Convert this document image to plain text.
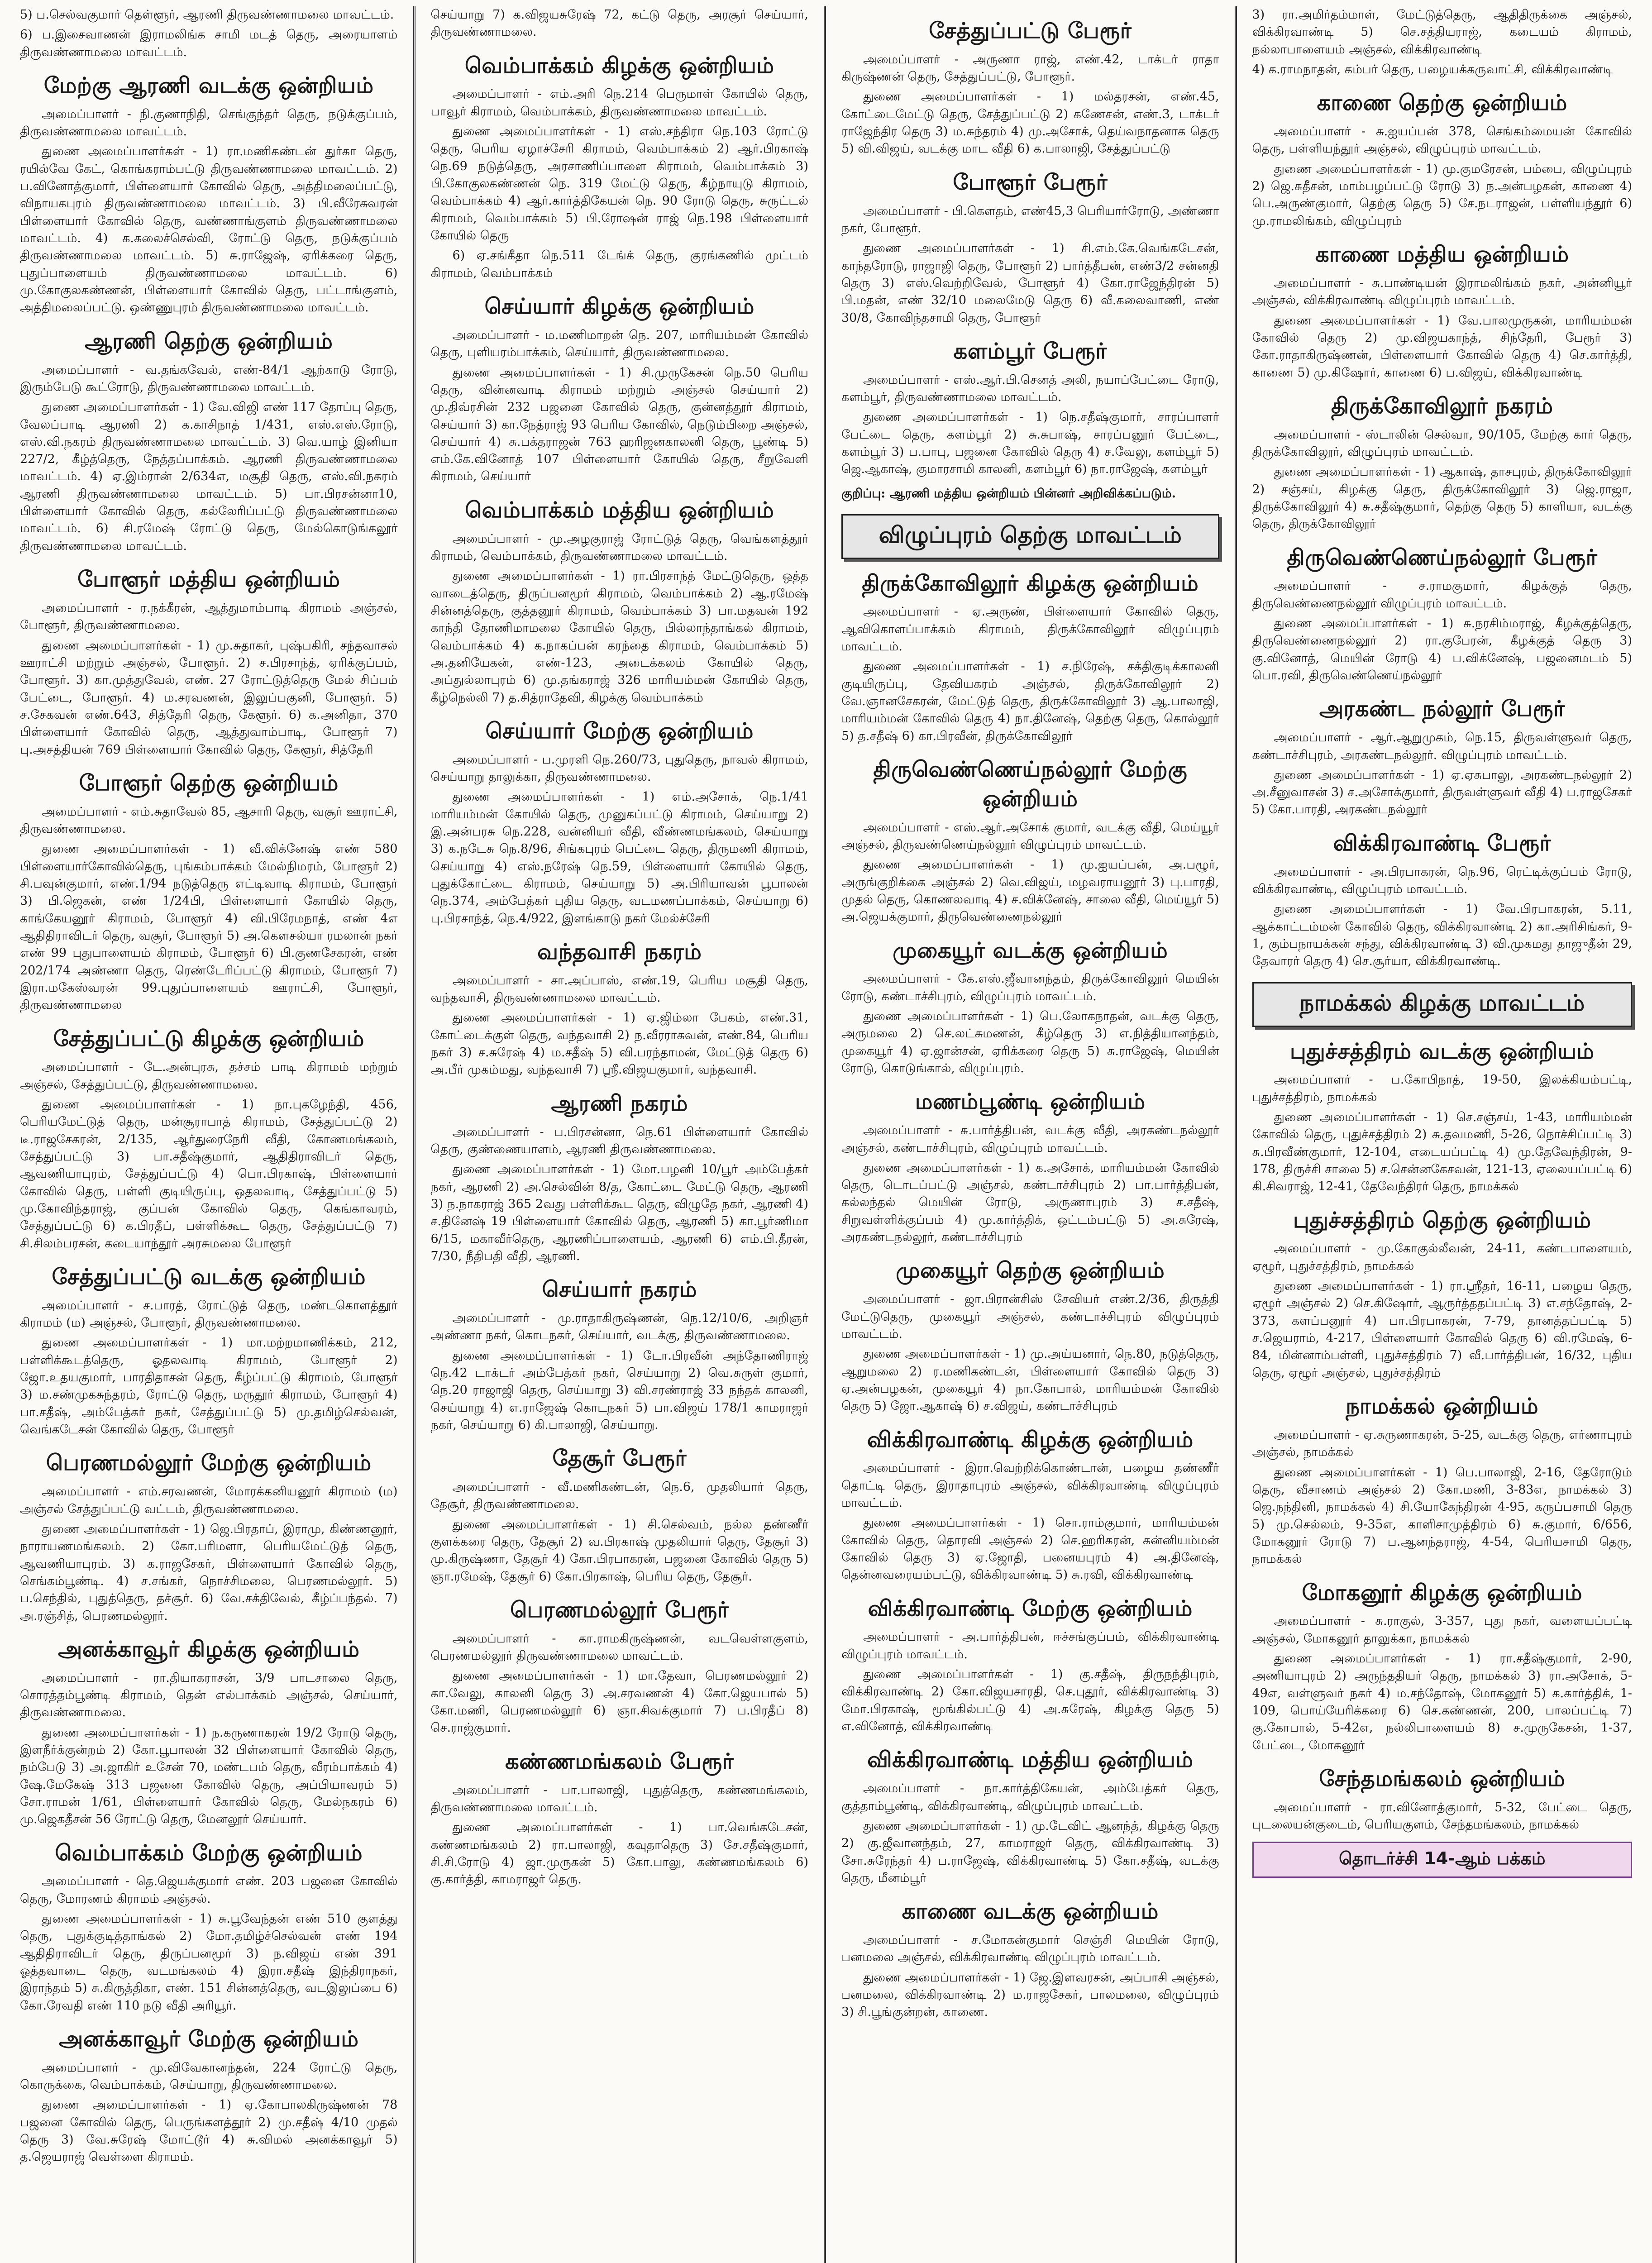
5) ப.செல்வகுமார் தெள்ளூர், ஆரணி திருவண்ணாமலை மாவட்டம்.

6) ப.இசைவாணன் இராமலிங்க சாமி மடத் தெரு, அரையாளம் திருவண்ணாமலை மாவட்டம்.

மேற்கு ஆரணி வடக்கு ஒன்றியம்

அமைப்பாளர் - நி.குணாநிதி, செங்குந்தர் தெரு, நடுக்குப்பம், திருவண்ணாமலை மாவட்டம்.

துணை அமைப்பாளர்கள் - 1) ரா.மணிகண்டன் துர்கா தெரு, ரயில்வே கேட், கொங்கராம்பட்டு திருவண்ணாமலை மாவட்டம். 2) ப.வினோத்குமார், பிள்ளையார் கோவில் தெரு, அத்திமலைப்பட்டு, விநாயகபுரம் திருவண்ணாமலை மாவட்டம். 3) பி.வீரேசுவரன் பிள்ளையார் கோவில் தெரு, வண்ணாங்குளம் திருவண்ணாமலை மாவட்டம். 4) க.கலைச்செல்வி, ரோட்டு தெரு, நடுக்குப்பம் திருவண்ணாமலை மாவட்டம். 5) சு.ராஜேஷ், ஏரிக்கரை தெரு, புதுப்பாளையம் திருவண்ணாமலை மாவட்டம். 6) மு.கோகுலகண்ணன், பிள்ளையார் கோவில் தெரு, பட்டாங்குளம், அத்திமலைப்பட்டு. ஒண்ணுபுரம் திருவண்ணாமலை மாவட்டம்.

ஆரணி தெற்கு ஒன்றியம்

அமைப்பாளர் - வ.தங்கவேல், எண்-84/1 ஆற்காடு ரோடு, இரும்பேடு கூட்ரோடு, திருவண்ணாமலை மாவட்டம்.

துணை அமைப்பாளர்கள் - 1) வே.விஜி எண் 117 தோப்பு தெரு, வேலப்பாடி ஆரணி 2) க.காசிநாத் 1/431, எஸ்.எஸ்.ரோடு, எஸ்.வி.நகரம் திருவண்ணாமலை மாவட்டம். 3) வெ.யாழ் இனியா 227/2, கீழ்த்தெரு, நேத்தப்பாக்கம். ஆரணி திருவண்ணாமலை மாவட்டம். 4) ஏ.இம்ரான் 2/634எ, மசூதி தெரு, எஸ்.வி.நகரம் ஆரணி திருவண்ணாமலை மாவட்டம். 5) பா.பிரசன்னா10, பிள்ளையார் கோவில் தெரு, கல்லேரிப்பட்டு திருவண்ணாமலை மாவட்டம். 6) சி.ரமேஷ் ரோட்டு தெரு, மேல்கொடுங்கலூர் திருவண்ணாமலை மாவட்டம்.

போளூர் மத்திய ஒன்றியம்

அமைப்பாளர் - ர.நக்கீரன், ஆத்துமாம்பாடி கிராமம் அஞ்சல், போளூர், திருவண்ணாமலை.

துணை அமைப்பாளர்கள் - 1) மு.சுதாகர், புஷ்பகிரி, சந்தவாசல் ஊராட்சி மற்றும் அஞ்சல், போளூர். 2) ச.பிரசாந்த், ஏரிக்குப்பம், போளூர். 3) கா.முத்துவேல், எண். 27 ரோட்டுத்தெரு மேல் சிப்பம் பேட்டை, போளூர். 4) ம.சரவணன், இலுப்பகுனி, போளூர். 5) ச.சேகவன் எண்.643, சித்தேரி தெரு, கேளூர். 6) க.அனிதா, 370 பிள்ளையார் கோவில் தெரு, ஆத்துவாம்பாடி, போளூர் 7) பு.அசத்தியன் 769 பிள்ளையார் கோவில் தெரு, கேளூர், சித்தேரி

போளூர் தெற்கு ஒன்றியம்

அமைப்பாளர் - எம்.சுதாவேல் 85, ஆசாரி தெரு, வசூர் ஊராட்சி, திருவண்ணாமலை.

துணை அமைப்பாளர்கள் - 1) வீ.விக்னேஷ் எண் 580 பிள்ளையார்கோவில்தெரு, புங்கம்பாக்கம் மேல்நிமரம், போளூர் 2) சி.பவுன்குமார், எண்.1/94 நடுத்தெரு எட்டிவாடி கிராமம், போளூர் 3) பி.ஜெகன், எண் 1/24பி, பிள்ளையார் கோயில் தெரு, காங்கேயனூர் கிராமம், போளூர் 4) வி.பிரேமநாத், எண் 4எ ஆதிதிராவிடர் தெரு, வசூர், போளூர் 5) அ.கௌசல்யா ரமலான் நகர் எண் 99 புதுபாளையம் கிராமம், போளூர் 6) பி.குணசேகரன், எண் 202/174 அண்ணா தெரு, ரெண்டேரிப்பட்டு கிராமம், போளூர் 7) இரா.மகேஸ்வரன் 99.புதுப்பாளையம் ஊராட்சி, போளூர், திருவண்ணாமலை

சேத்துப்பட்டு கிழக்கு ஒன்றியம்

அமைப்பாளர் - டே.அன்புரசு, தச்சம் பாடி கிராமம் மற்றும் அஞ்சல், சேத்துப்பட்டு, திருவண்ணாமலை.

துணை அமைப்பாளர்கள் - 1) நா.புகழேந்தி, 456, பெரியமேட்டுத் தெரு, மன்சூராபாத் கிராமம், சேத்துப்பட்டு 2) டீ.ராஜசேகரன், 2/135, ஆர்துரைநேரி வீதி, கோணமங்கலம், சேத்துப்பட்டு 3) பா.சதீஷ்குமார், ஆதிதிராவிடர் தெரு, ஆவணியாபுரம், சேத்துப்பட்டு 4) பொ.பிரகாஷ், பிள்ளையார் கோவில் தெரு, பள்ளி குடியிருப்பு, ஒதலவாடி, சேத்துப்பட்டு 5) மு.கோவிந்தராஜ், குப்பன் கோவில் தெரு, கெங்காவரம், சேத்துப்பட்டு 6) க.பிரதீப், பள்ளிக்கூட தெரு, சேத்துப்பட்டு 7) சி.சிலம்பரசன், கடையாந்தூர் அரசுமலை போளூர்

சேத்துப்பட்டு வடக்கு ஒன்றியம்

அமைப்பாளர் - ச.பாரத், ரோட்டுத் தெரு, மண்டகொளத்தூர் கிராமம் (ம) அஞ்சல், போளூர், திருவண்ணாமலை.

துணை அமைப்பாளர்கள் - 1) மா.மற்றமாணிக்கம், 212, பள்ளிக்கூடத்தெரு, ஓதலவாடி கிராமம், போளூர் 2) ஜோ.உதயகுமார், பாரதிதாசன் தெரு, கீழ்ப்பட்டு கிராமம், போளூர் 3) ம.சண்முகசுந்தரம், ரோட்டு தெரு, மருதூர் கிராமம், போளூர் 4) பா.சதீஷ், அம்பேத்கர் நகர், சேத்துப்பட்டு 5) மு.தமிழ்செல்வன், வெங்கடேசன் கோவில் தெரு, போளூர்

பெரணமல்லூர் மேற்கு ஒன்றியம்

அமைப்பாளர் - எம்.சரவணன், மோரக்கனியனூர் கிராமம் (ம) அஞ்சல் சேத்துப்பட்டு வட்டம், திருவண்ணாமலை.

துணை அமைப்பாளர்கள் - 1) ஜெ.பிரதாப், இராமு, கிண்ணனூர், நாராயணமங்கலம். 2) கோ.பரிமளா, பெரியமேட்டுத் தெரு, ஆவணியாபுரம். 3) க.ராஜசேகர், பிள்ளையார் கோவில் தெரு, செங்கம்பூண்டி. 4) ச.சங்கர், நொச்சிமலை, பெரணமல்லூர். 5) ப.செந்தில், புதுத்தெரு, தச்சூர். 6) வே.சக்திவேல், கீழ்ப்பந்தல். 7) அ.ரஞ்சித், பெரணமல்லூர்.

அனக்காவூர் கிழக்கு ஒன்றியம்

அமைப்பாளர் - ரா.தியாகராசன், 3/9 பாடசாலை தெரு, சொரத்தம்பூண்டி கிராமம், தென் எல்பாக்கம் அஞ்சல், செய்யார், திருவண்ணாமலை.

துணை அமைப்பாளர்கள் - 1) ந.கருணாகரன் 19/2 ரோடு தெரு, இளநீர்க்குன்றம் 2) கோ.பூபாலன் 32 பிள்ளையார் கோவில் தெரு, நம்பேடு 3) அ.ஜாகிர் உசேன் 70, மண்டபம் தெரு, வீரம்பாக்கம் 4) ஷே.மேகேஷ் 313 பஜனை கோவில் தெரு, அப்பியாவரம் 5) சோ.ராமன் 1/61, பிள்ளையார் கோவில் தெரு, மேல்நகரம் 6) மு.ஜெகதீசன் 56 ரோட்டு தெரு, மேனலூர் செய்யார்.

வெம்பாக்கம் மேற்கு ஒன்றியம்

அமைப்பாளர் - தெ.ஜெயக்குமார் எண். 203 பஜனை கோவில் தெரு, மோரணம் கிராமம் அஞ்சல்.

துணை அமைப்பாளர்கள் - 1) சு.பூவேந்தன் எண் 510 குளத்து தெரு, புதுக்குடித்தாங்கல் 2) மோ.தமிழ்ச்செல்வன் எண் 194 ஆதிதிராவிடர் தெரு, திருப்பனமூர் 3) ந.விஜய் எண் 391 ஓத்தவாடை தெரு, வடமங்கலம் 4) இரா.சதீஷ் இந்திராநகர், இராந்தம் 5) சு.கிருத்திகா, எண். 151 சின்னத்தெரு, வடஇலுப்பை 6) கோ.ரேவதி எண் 110 நடு வீதி அரியூர்.

அனக்காவூர் மேற்கு ஒன்றியம்

அமைப்பாளர் - மு.விவேகானந்தன், 224 ரோட்டு தெரு, கொருக்கை, வெம்பாக்கம், செய்யாறு, திருவண்ணாமலை.

துணை அமைப்பாளர்கள் - 1) ஏ.கோபாலகிருஷ்ணன் 78 பஜனை கோவில் தெரு, பெருங்களத்தூர் 2) மு.சதீஷ் 4/10 முதல் தெரு 3) வே.சுரேஷ் மோட்டூர் 4) சு.விமல் அனக்காவூர் 5) த.ஜெயராஜ் வெள்ளை கிராமம்.

செய்யாறு 7) க.விஜயசுரேஷ் 72, கட்டு தெரு, அரசூர் செய்யார், திருவண்ணாமலை.

வெம்பாக்கம் கிழக்கு ஒன்றியம்

அமைப்பாளர் - எம்.அரி நெ.214 பெருமாள் கோயில் தெரு, பாவூர் கிராமம், வெம்பாக்கம், திருவண்ணாமலை மாவட்டம்.

துணை அமைப்பாளர்கள் - 1) எஸ்.சந்திரா நெ.103 ரோட்டு தெரு, பெரிய ஏழாச்சேரி கிராமம், வெம்பாக்கம் 2) ஆர்.பிரகாஷ் நெ.69 நடுத்தெரு, அரசாணிப்பாளை கிராமம், வெம்பாக்கம் 3) பி.கோகுலகண்ணன் நெ. 319 மேட்டு தெரு, கீழ்நாயுடு கிராமம், வெம்பாக்கம் 4) ஆர்.கார்த்திகேயன் நெ. 90 ரோடு தெரு, சுருட்டல் கிராமம், வெம்பாக்கம் 5) பி.ரோஷன் ராஜ் நெ.198 பிள்ளையார் கோயில் தெரு

6) ஏ.சங்கீதா நெ.511 டேங்க் தெரு, குரங்கணில் முட்டம் கிராமம், வெம்பாக்கம்

செய்யார் கிழக்கு ஒன்றியம்

அமைப்பாளர் - ம.மணிமாறன் நெ. 207, மாரியம்மன் கோவில் தெரு, புளியரம்பாக்கம், செய்யார், திருவண்ணாமலை.

துணை அமைப்பாளர்கள் - 1) சி.முருகேசன் நெ.50 பெரிய தெரு, வின்னவாடி கிராமம் மற்றும் அஞ்சல் செய்யார் 2) மு.திவ்ரசின் 232 பஜனை கோவில் தெரு, குன்னத்தூர் கிராமம், செய்யார் 3) கா.நேத்ராஜ் 93 பெரிய கோவில், நெடும்பிறை அஞ்சல், செய்யார் 4) சு.பக்தராஜன் 763 ஹரிஜனகாலனி தெரு, பூண்டி 5) எம்.கே.வினோத் 107 பிள்ளையார் கோயில் தெரு, சீறுவேளி கிராமம், செய்யார்

வெம்பாக்கம் மத்திய ஒன்றியம்

அமைப்பாளர் - மு.அழகுராஜ் ரோட்டுத் தெரு, வெங்களத்தூர் கிராமம், வெம்பாக்கம், திருவண்ணாமலை மாவட்டம்.

துணை அமைப்பாளர்கள் - 1) ரா.பிரசாந்த் மேட்டுதெரு, ஒத்த வாடைத்தெரு, திருப்பனமூர் கிராமம், வெம்பாக்கம் 2) ஆ.ரமேஷ் சின்னத்தெரு, குத்தனூர் கிராமம், வெம்பாக்கம் 3) பா.மதவன் 192 காந்தி தோணிமாமலை கோயில் தெரு, பில்லாந்தாங்கல் கிராமம், வெம்பாக்கம் 4) க.நாகப்பன் கரந்தை கிராமம், வெம்பாக்கம் 5) அ.தனியேகன், எண்-123, அடைக்கலம் கோயில் தெரு, அப்துல்லாபுரம் 6) மு.தங்கராஜ் 326 மாரியம்மன் கோயில் தெரு, கீழ்நெல்லி 7) த.சித்ராதேவி, கிழக்கு வெம்பாக்கம்

செய்யார் மேற்கு ஒன்றியம்

அமைப்பாளர் - ப.முரளி நெ.260/73, புதுதெரு, நாவல் கிராமம், செய்யாறு தாலுக்கா, திருவண்ணாமலை.

துணை அமைப்பாளர்கள் - 1) எம்.அசோக், நெ.1/41 மாரியம்மன் கோயில் தெரு, முனுகப்பட்டு கிராமம், செய்யாறு 2) இ.அன்பரசு நெ.228, வன்னியர் வீதி, வீண்ணமங்கலம், செய்யாறு 3) க.நடேசு நெ.8/96, சிங்கபுரம் பெட்டை தெரு, திருமணி கிராமம், செய்யாறு 4) எஸ்.நரேஷ் நெ.59, பிள்ளையார் கோயில் தெரு, புதுக்கோட்டை கிராமம், செய்யாறு 5) அ.பிரியாவன் பூபாலன் நெ.374, அம்பேத்கர் புதிய தெரு, வடமணப்பாக்கம், செய்யாறு 6) பு.பிரசாந்த், நெ.4/922, இளங்காடு நகர் மேல்ச்சேரி

வந்தவாசி நகரம்

அமைப்பாளர் - சா.அப்பாஸ், எண்.19, பெரிய மசூதி தெரு, வந்தவாசி, திருவண்ணாமலை மாவட்டம்.

துணை அமைப்பாளர்கள் - 1) ஏ.ஜிம்லா பேகம், எண்.31, கோட்டைக்குள் தெரு, வந்தவாசி 2) ந.வீரராகவன், எண்.84, பெரிய நகர் 3) ச.சுரேஷ் 4) ம.சதீஷ் 5) வி.பரந்தாமன், மேட்டுத் தெரு 6) அ.பீர் முகம்மது, வந்தவாசி 7) ஸ்ரீ.விஜயகுமார், வந்தவாசி.

ஆரணி நகரம்

அமைப்பாளர் - ப.பிரசன்னா, நெ.61 பிள்ளையார் கோவில் தெரு, குண்ணையாளம், ஆரணி திருவண்ணாமலை.

துணை அமைப்பாளர்கள் - 1) மோ.பழனி 10/பூர் அம்பேத்கர் நகர், ஆரணி 2) அ.செல்வின் 8/த, கோட்டை மேட்டு தெரு, ஆரணி 3) ந.நாகராஜ் 365 2வது பள்ளிக்கூட தெரு, விழுதே நகர், ஆரணி 4) ச.தினேஷ் 19 பிள்ளையார் கோவில் தெரு, ஆரணி 5) கா.பூர்ணிமா 6/15, மகாவீர்தெரு, ஆரணிப்பாளையம், ஆரணி 6) எம்.பி.தீரன், 7/30, நீதிபதி வீதி, ஆரணி.

செய்யார் நகரம்

அமைப்பாளர் - மு.ராதாகிருஷ்ணன், நெ.12/10/6, அறிஞர் அண்ணா நகர், கொடநகர், செய்யார், வடக்கு, திருவண்ணாமலை.

துணை அமைப்பாளர்கள் - 1) டோ.பிரவீன் அந்தோணிராஜ் நெ.42 டாக்டர் அம்பேத்கர் நகர், செய்யாறு 2) வெ.சுருள் குமார், நெ.20 ராஜாஜி தெரு, செய்யாறு 3) வி.சரண்ராஜ் 33 நந்தக் காலனி, செய்யாறு 4) எ.ராஜேஷ் கொடநகர் 5) பா.விஜய் 178/1 காமராஜர் நகர், செய்யாறு 6) கி.பாலாஜி, செய்யாறு.

தேசூர் பேரூர்

அமைப்பாளர் - வீ.மணிகண்டன், நெ.6, முதலியார் தெரு, தேசூர், திருவண்ணாமலை.

துணை அமைப்பாளர்கள் - 1) சி.செல்வம், நல்ல தண்ணீர் குளக்கரை தெரு, தேசூர் 2) வ.பிரகாஷ் முதலியார் தெரு, தேசூர் 3) மு.கிருஷ்ணா, தேசூர் 4) கோ.பிரபாகரன், பஜனை கோவில் தெரு 5) ஞா.ரமேஷ், தேசூர் 6) கோ.பிரகாஷ், பெரிய தெரு, தேசூர்.

பெரணமல்லூர் பேரூர்

அமைப்பாளர் - கா.ராமகிருஷ்ணன், வடவெள்ளகுளம், பெரணமல்லூர் திருவண்ணாமலை மாவட்டம்.

துணை அமைப்பாளர்கள் - 1) மா.தேவா, பெரணமல்லூர் 2) கா.வேலு, காலனி தெரு 3) அ.சரவணன் 4) கோ.ஜெயபால் 5) கோ.மணி, பெரணமல்லூர் 6) ஞா.சிவக்குமார் 7) ப.பிரதீப் 8) செ.ராஜ்குமார்.

கண்ணமங்கலம் பேரூர்

அமைப்பாளர் - பா.பாலாஜி, புதுத்தெரு, கண்ணமங்கலம், திருவண்ணாமலை மாவட்டம்.

துணை அமைப்பாளர்கள் - 1) பா.வெங்கடேசன், கண்ணமங்கலம் 2) ரா.பாலாஜி, கவுதாதெரு 3) சே.சதீஷ்குமார், சி.சி.ரோடு 4) ஜா.முருகன் 5) கோ.பாலு, கண்ணமங்கலம் 6) கு.கார்த்தி, காமராஜர் தெரு.

சேத்துப்பட்டு பேரூர்

அமைப்பாளர் - அருணா ராஜ், எண்.42, டாக்டர் ராதா கிருஷ்ணன் தெரு, சேத்துப்பட்டு, போளூர்.

துணை அமைப்பாளர்கள் - 1) மல்தரசன், எண்.45, கோட்டைமேட்டு தெரு, சேத்துப்பட்டு 2) கணேசன், எண்.3, டாக்டர் ராஜேந்திர தெரு 3) ம.சுந்தரம் 4) மு.அசோக், தெய்வநாதனாக தெரு 5) வி.விஜய், வடக்கு மாட வீதி 6) க.பாலாஜி, சேத்துப்பட்டு

போளூர் பேரூர்

அமைப்பாளர் - பி.கௌதம், எண்45,3 பெரியார்ரோடு, அண்ணா நகர், போளூர்.

துணை அமைப்பாளர்கள் - 1) சி.எம்.கே.வெங்கடேசன், காந்தரோடு, ராஜாஜி தெரு, போளூர் 2) பார்த்தீபன், எண்3/2 சன்னதி தெரு 3) எஸ்.வெற்றிவேல், போளூர் 4) கோ.ராஜேந்திரன் 5) பி.மதன், எண் 32/10 மலைமேடு தெரு 6) வீ.கலைவாணி, எண் 30/8, கோவிந்தசாமி தெரு, போளூர்

களம்பூர் பேரூர்

அமைப்பாளர் - எஸ்.ஆர்.பி.செனத் அலி, நயாப்பேட்டை ரோடு, களம்பூர், திருவண்ணாமலை மாவட்டம்.

துணை அமைப்பாளர்கள் - 1) நெ.சதீஷ்குமார், சாரப்பாளர் பேட்டை தெரு, களம்பூர் 2) சு.சுபாஷ், சாரப்பனூர் பேட்டை, களம்பூர் 3) ப.பாபு, பஜனை கோவில் தெரு 4) ச.வேலு, களம்பூர் 5) ஜெ.ஆகாஷ், குமாரசாமி காலனி, களம்பூர் 6) நா.ராஜேஷ், களம்பூர்

குறிப்பு: ஆரணி மத்திய ஒன்றியம் பின்னர் அறிவிக்கப்படும்.
விழுப்புரம் தெற்கு மாவட்டம்
திருக்கோவிலூர் கிழக்கு ஒன்றியம்

அமைப்பாளர் - ஏ.அருண், பிள்ளையார் கோவில் தெரு, ஆவிகொளப்பாக்கம் கிராமம், திருக்கோவிலூர் விழுப்புரம் மாவட்டம்.

துணை அமைப்பாளர்கள் - 1) ச.நிரேஷ், சக்திகுடிக்காலனி குடியிருப்பு, தேவியகரம் அஞ்சல், திருக்கோவிலூர் 2) வே.ஞானசேகரன், மேட்டுத் தெரு, திருக்கோவிலூர் 3) ஆ.பாலாஜி, மாரியம்மன் கோவில் தெரு 4) நா.தினேஷ், தெற்கு தெரு, கொல்லூர் 5) த.சதீஷ் 6) கா.பிரவீன், திருக்கோவிலூர்

திருவெண்ணெய்நல்லூர் மேற்கு ஒன்றியம்

அமைப்பாளர் - எஸ்.ஆர்.அசோக் குமார், வடக்கு வீதி, மெய்யூர் அஞ்சல், திருவண்ணெய்நல்லூர் விழுப்புரம் மாவட்டம்.

துணை அமைப்பாளர்கள் - 1) மு.ஐயப்பன், அ.பழூர், அருங்குறிக்கை அஞ்சல் 2) வெ.விஜய், மழவராயனூர் 3) பு.பாரதி, முதல் தெரு, கொணலவாடி 4) ச.விக்னேஷ், சாலை வீதி, மெய்யூர் 5) அ.ஜெயக்குமார், திருவெண்ணைநல்லூர்

முகையூர் வடக்கு ஒன்றியம்

அமைப்பாளர் - கே.எஸ்.ஜீவானந்தம், திருக்கோவிலூர் மெயின் ரோடு, கண்டாச்சிபுரம், விழுப்புரம் மாவட்டம்.

துணை அமைப்பாளர்கள் - 1) பெ.லோகநாதன், வடக்கு தெரு, அருமலை 2) செ.லட்சுமணன், கீழ்தெரு 3) எ.நித்தியானந்தம், முகையூர் 4) ஏ.ஜான்சன், ஏரிக்கரை தெரு 5) சு.ராஜேஷ், மெயின் ரோடு, கொடுங்கால், விழுப்புரம்.

மணம்பூண்டி ஒன்றியம்

அமைப்பாளர் - சு.பார்த்திபன், வடக்கு வீதி, அரகண்டநல்லூர் அஞ்சல், கண்டாச்சிபுரம், விழுப்புரம் மாவட்டம்.

துணை அமைப்பாளர்கள் - 1) க.அசோக், மாரியம்மன் கோவில் தெரு, டொடப்பட்டு அஞ்சல், கண்டாச்சிபுரம் 2) பா.பார்த்திபன், கல்லந்தல் மெயின் ரோடு, அருணாபுரம் 3) ச.சதீஷ், சிறுவள்ளிக்குப்பம் 4) மு.கார்த்திக், ஒட்டம்பட்டு 5) அ.சுரேஷ், அரகண்டநல்லூர், கண்டாச்சிபுரம்

முகையூர் தெற்கு ஒன்றியம்

அமைப்பாளர் - ஜா.பிரான்சிஸ் சேவியர் எண்.2/36, திருத்தி மேட்டுதெரு, முகையூர் அஞ்சல், கண்டாச்சிபுரம் விழுப்புரம் மாவட்டம்.

துணை அமைப்பாளர்கள் - 1) மு.அய்யனார், நெ.80, நடுத்தெரு, ஆறுமலை 2) ர.மணிகண்டன், பிள்ளையார் கோவில் தெரு 3) ஏ.அன்பழகன், முகையூர் 4) நா.கோபால், மாரியம்மன் கோவில் தெரு 5) ஜோ.ஆகாஷ் 6) ச.விஜய், கண்டாச்சிபுரம்

விக்கிரவாண்டி கிழக்கு ஒன்றியம்

அமைப்பாளர் - இரா.வெற்றிக்கொண்டான், பழைய தண்ணீர் தொட்டி தெரு, இராதாபுரம் அஞ்சல், விக்கிரவாண்டி விழுப்புரம் மாவட்டம்.

துணை அமைப்பாளர்கள் - 1) சொ.ராம்குமார், மாரியம்மன் கோவில் தெரு, தொரவி அஞ்சல் 2) செ.ஹரிகரன், கன்னியம்மன் கோவில் தெரு 3) ஏ.ஜோதி, பனையபுரம் 4) அ.தினேஷ், தென்னவரையம்பட்டு, விக்கிரவாண்டி 5) சு.ரவி, விக்கிரவாண்டி

விக்கிரவாண்டி மேற்கு ஒன்றியம்

அமைப்பாளர் - அ.பார்த்திபன், ஈச்சங்குப்பம், விக்கிரவாண்டி விழுப்புரம் மாவட்டம்.

துணை அமைப்பாளர்கள் - 1) கு.சதீஷ், திருநந்திபுரம், விக்கிரவாண்டி 2) கோ.விஜயசாரதி, செ.புதூர், விக்கிரவாண்டி 3) மோ.பிரகாஷ், மூங்கில்பட்டு 4) அ.சுரேஷ், கிழக்கு தெரு 5) எ.வினோத், விக்கிரவாண்டி

விக்கிரவாண்டி மத்திய ஒன்றியம்

அமைப்பாளர் - நா.கார்த்திகேயன், அம்பேத்கர் தெரு, குத்தாம்பூண்டி, விக்கிரவாண்டி, விழுப்புரம் மாவட்டம்.

துணை அமைப்பாளர்கள் - 1) மு.டேவிட் ஆனந்த், கிழக்கு தெரு 2) கு.ஜீவானந்தம், 27, காமராஜர் தெரு, விக்கிரவாண்டி 3) சோ.சுரேந்தர் 4) ப.ராஜேஷ், விக்கிரவாண்டி 5) கோ.சதீஷ், வடக்கு தெரு, மீனம்பூர்

காணை வடக்கு ஒன்றியம்

அமைப்பாளர் - ச.மோகன்குமார் செஞ்சி மெயின் ரோடு, பனமலை அஞ்சல், விக்கிரவாண்டி விழுப்புரம் மாவட்டம்.

துணை அமைப்பாளர்கள் - 1) ஜே.இளவரசன், அப்பாசி அஞ்சல், பனமலை, விக்கிரவாண்டி 2) ம.ராஜசேகர், பாலமலை, விழுப்புரம் 3) சி.பூங்குன்றன், காணை.

3) ரா.அமிர்தம்மாள், மேட்டுத்தெரு, ஆதிதிருக்கை அஞ்சல், விக்கிரவாண்டி 5) செ.சத்தியராஜ், கடையம் கிராமம், நல்லாபாளையம் அஞ்சல், விக்கிரவாண்டி

4) க.ராமநாதன், கம்பர் தெரு, பழையக்கருவாட்சி, விக்கிரவாண்டி

காணை தெற்கு ஒன்றியம்

அமைப்பாளர் - சு.ஐயப்பன் 378, செங்கம்மையன் கோவில் தெரு, பள்ளியந்தூர் அஞ்சல், விழுப்புரம் மாவட்டம்.

துணை அமைப்பாளர்கள் - 1) மு.குமரேசன், பம்பை, விழுப்புரம் 2) ஜெ.சுதீசன், மாம்பழப்பட்டு ரோடு 3) ந.அன்பழகன், காணை 4) பெ.அருண்குமார், தெற்கு தெரு 5) சே.நடராஜன், பள்ளியந்தூர் 6) மு.ராமலிங்கம், விழுப்புரம்

காணை மத்திய ஒன்றியம்

அமைப்பாளர் - சு.பாண்டியன் இராமலிங்கம் நகர், அன்னியூர் அஞ்சல், விக்கிரவாண்டி விழுப்புரம் மாவட்டம்.

துணை அமைப்பாளர்கள் - 1) வே.பாலமுருகன், மாரியம்மன் கோவில் தெரு 2) மு.விஜயகாந்த், சிந்தேரி, பேரூர் 3) கோ.ராதாகிருஷ்ணன், பிள்ளையார் கோவில் தெரு 4) செ.கார்த்தி, காணை 5) மு.கிஷோர், காணை 6) ப.விஜய், விக்கிரவாண்டி

திருக்கோவிலூர் நகரம்

அமைப்பாளர் - ஸ்டாலின் செல்வா, 90/105, மேற்கு கார் தெரு, திருக்கோவிலூர், விழுப்புரம் மாவட்டம்.

துணை அமைப்பாளர்கள் - 1) ஆகாஷ், தாசபுரம், திருக்கோவிலூர் 2) சஞ்சய், கிழக்கு தெரு, திருக்கோவிலூர் 3) ஜெ.ராஜா, திருக்கோவிலூர் 4) சு.சதீஷ்குமார், தெற்கு தெரு 5) காளியா, வடக்கு தெரு, திருக்கோவிலூர்

திருவெண்ணெய்நல்லூர் பேரூர்

அமைப்பாளர் - ச.ராமகுமார், கிழக்குத் தெரு, திருவெண்ணைநல்லூர் விழுப்புரம் மாவட்டம்.

துணை அமைப்பாளர்கள் - 1) சு.நரசிம்மராஜ், கீழக்குத்தெரு, திருவெண்ணைநல்லூர் 2) ரா.குபேரன், கீழக்குத் தெரு 3) கு.வினோத், மெயின் ரோடு 4) ப.விக்னேஷ், பஜனைமடம் 5) பொ.ரவி, திருவெண்ணெய்நல்லூர்

அரகண்ட நல்லூர் பேரூர்

அமைப்பாளர் - ஆர்.ஆறுமுகம், நெ.15, திருவள்ளுவர் தெரு, கண்டாச்சிபுரம், அரகண்டநல்லூர். விழுப்புரம் மாவட்டம்.

துணை அமைப்பாளர்கள் - 1) ஏ.ஏசுபாலு, அரகண்டநல்லூர் 2) அ.சீனுவாசன் 3) ச.அசோக்குமார், திருவள்ளுவர் வீதி 4) ப.ராஜசேகர் 5) கோ.பாரதி, அரகண்டநல்லூர்

விக்கிரவாண்டி பேரூர்

அமைப்பாளர் - அ.பிரபாகரன், நெ.96, ரெட்டிக்குப்பம் ரோடு, விக்கிரவாண்டி, விழுப்புரம் மாவட்டம்.

துணை அமைப்பாளர்கள் - 1) வே.பிரபாகரன், 5.11, ஆக்காட்டம்மன் கோவில் தெரு, விக்கிரவாண்டி 2) கா.அரிசிங்கர், 9-1, கும்பநாயக்கன் சந்து, விக்கிரவாண்டி 3) வி.முகமது தாஜுதீன் 29, தேவாரர் தெரு 4) செ.சூர்யா, விக்கிரவாண்டி.

நாமக்கல் கிழக்கு மாவட்டம்
புதுச்சத்திரம் வடக்கு ஒன்றியம்

அமைப்பாளர் - ப.கோபிநாத், 19-50, இலக்கியம்பட்டி, புதுச்சத்திரம், நாமக்கல்

துணை அமைப்பாளர்கள் - 1) செ.சஞ்சய், 1-43, மாரியம்மன் கோவில் தெரு, புதுச்சத்திரம் 2) சு.தவமணி, 5-26, நொச்சிப்பட்டி 3) சு.பிரவீண்குமார், 12-104, எடையப்பட்டி 4) மு.தேவேந்திரன், 9-178, திருச்சி சாலை 5) ச.சென்னகேசவன், 121-13, ஏலையப்பட்டி 6) கி.சிவராஜ், 12-41, தேவேந்திரர் தெரு, நாமக்கல்

புதுச்சத்திரம் தெற்கு ஒன்றியம்

அமைப்பாளர் - மு.கோகுல்லீவன், 24-11, கண்டபாளையம், ஏழூர், புதுச்சத்திரம், நாமக்கல்

துணை அமைப்பாளர்கள் - 1) ரா.ஸ்ரீதர், 16-11, பழைய தெரு, ஏழூர் அஞ்சல் 2) செ.கிஷோர், ஆருர்த்ததப்பட்டி 3) எ.சந்தோஷ், 2-373, களப்பனூர் 4) பா.பிரபாகரன், 7-79, தானத்தப்பட்டி 5) ச.ஜெயராம், 4-217, பிள்ளையார் கோவில் தெரு 6) வி.ரமேஷ், 6-84, மின்னாம்பள்ளி, புதுச்சத்திரம் 7) வீ.பார்த்திபன், 16/32, புதிய தெரு, ஏழூர் அஞ்சல், புதுச்சத்திரம்

நாமக்கல் ஒன்றியம்

அமைப்பாளர் - ஏ.சுருணாகரன், 5-25, வடக்கு தெரு, எர்ணாபுரம் அஞ்சல், நாமக்கல்

துணை அமைப்பாளர்கள் - 1) பெ.பாலாஜி, 2-16, தேரோடும் தெரு, வீசாணம் அஞ்சல் 2) கோ.மணி, 3-83எ, நாமக்கல் 3) ஜெ.நந்தினி, நாமக்கல் 4) சி.யோகேந்திரன் 4-95, கருப்பசாமி தெரு 5) மு.செல்லம், 9-35எ, காளிசாமுத்திரம் 6) சு.குமார், 6/656, மோகனூர் ரோடு 7) ப.ஆனந்தராஜ், 4-54, பெரியசாமி தெரு, நாமக்கல்

மோகனூர் கிழக்கு ஒன்றியம்

அமைப்பாளர் - சு.ராகுல், 3-357, புது நகர், வளையப்பட்டி அஞ்சல், மோகனூர் தாலுக்கா, நாமக்கல்

துணை அமைப்பாளர்கள் - 1) ரா.சதீஷ்குமார், 2-90, அணியாபுரம் 2) அருந்ததியர் தெரு, நாமக்கல் 3) ரா.அசோக், 5-49எ, வள்ளுவர் நகர் 4) ம.சந்தோஷ், மோகனூர் 5) க.கார்த்திக், 1-109, பொய்யேரிக்கரை 6) செ.கண்ணன், 200, பாலப்பட்டி 7) கு.கோபால், 5-42எ, நல்லிபாளையம் 8) ச.முருகேசன், 1-37, பேட்டை, மோகனூர்

சேந்தமங்கலம் ஒன்றியம்

அமைப்பாளர் - ரா.வினோத்குமார், 5-32, பேட்டை தெரு, புடலையன்குடைம், பெரியகுளம், சேந்தமங்கலம், நாமக்கல்

தொடர்ச்சி 14-ஆம் பக்கம்
